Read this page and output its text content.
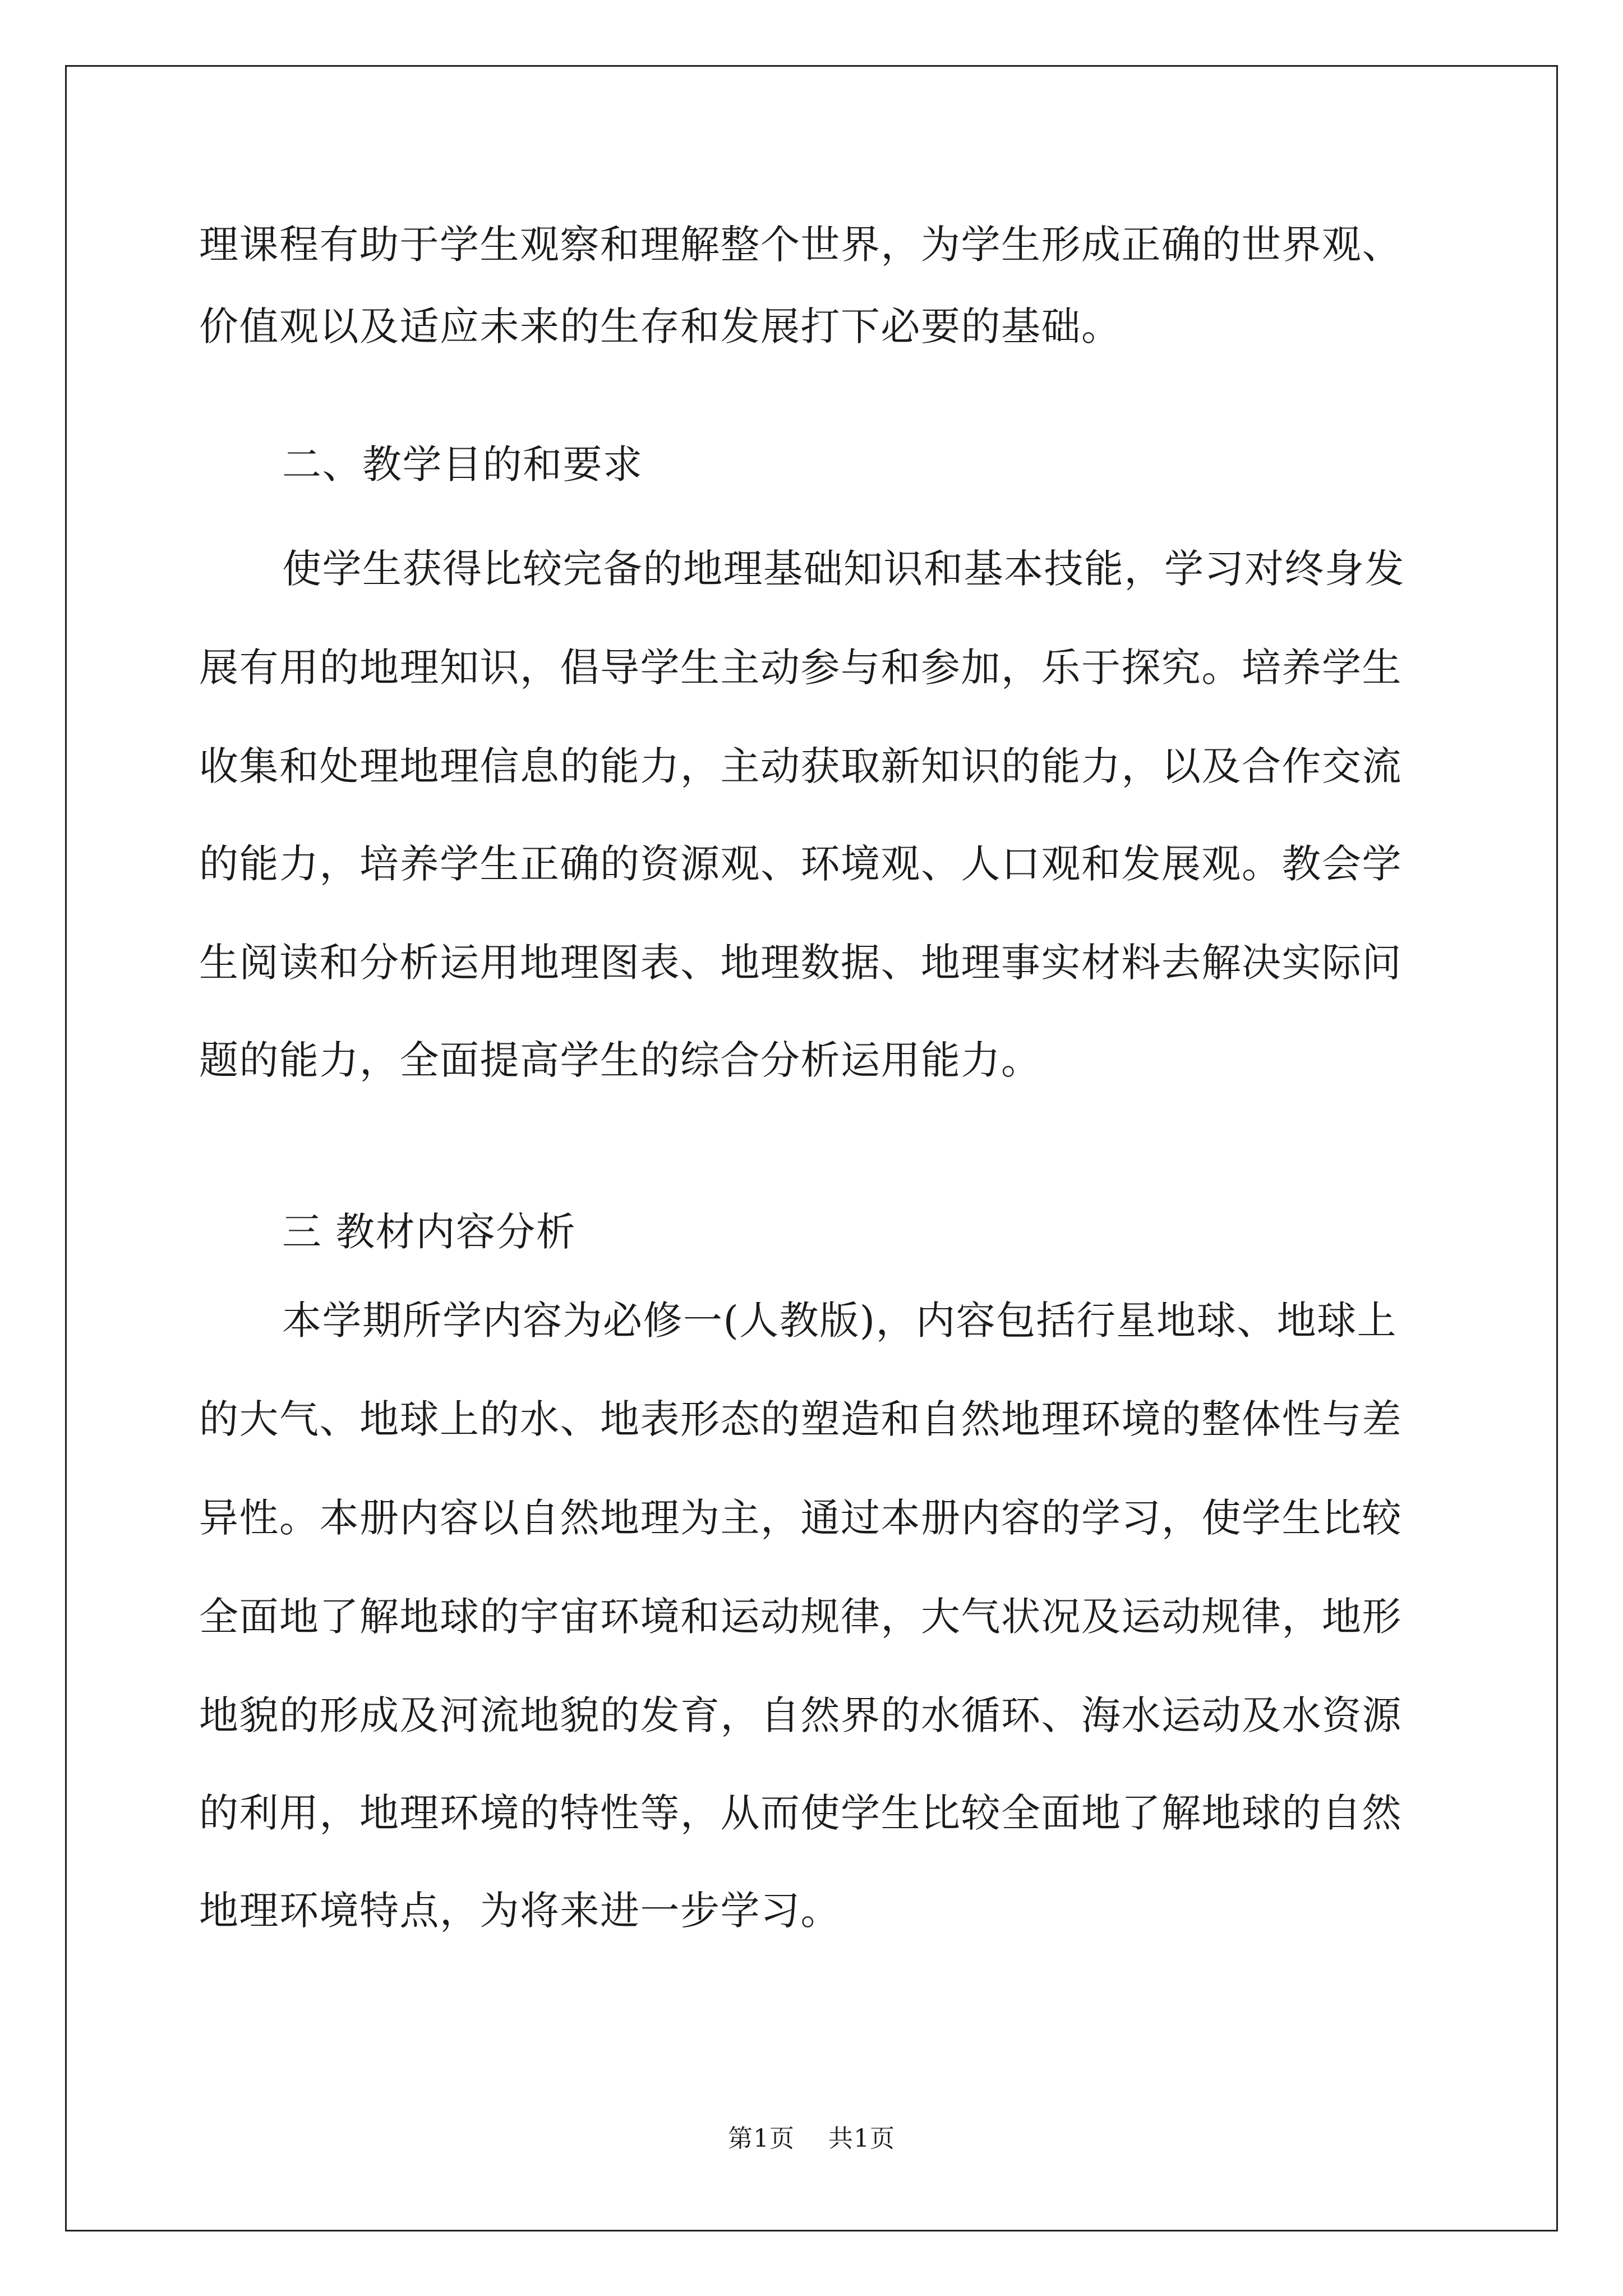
理课程有助于学生观察和理解整个世界，为学生形成正确的世界观、
价值观以及适应未来的生存和发展打下必要的基础。
二、教学目的和要求
使学生获得比较完备的地理基础知识和基本技能，学习对终身发
展有用的地理知识，倡导学生主动参与和参加，乐于探究。培养学生
收集和处理地理信息的能力，主动获取新知识的能力，以及合作交流
的能力，培养学生正确的资源观、环境观、人口观和发展观。教会学
生阅读和分析运用地理图表、地理数据、地理事实材料去解决实际问
题的能力，全面提高学生的综合分析运用能力。
三 教材内容分析
本学期所学内容为必修一(人教版)，内容包括行星地球、地球上
的大气、地球上的水、地表形态的塑造和自然地理环境的整体性与差
异性。本册内容以自然地理为主，通过本册内容的学习，使学生比较
全面地了解地球的宇宙环境和运动规律，大气状况及运动规律，地形
地貌的形成及河流地貌的发育，自然界的水循环、海水运动及水资源
的利用，地理环境的特性等，从而使学生比较全面地了解地球的自然
地理环境特点，为将来进一步学习。
第1页 共1页
